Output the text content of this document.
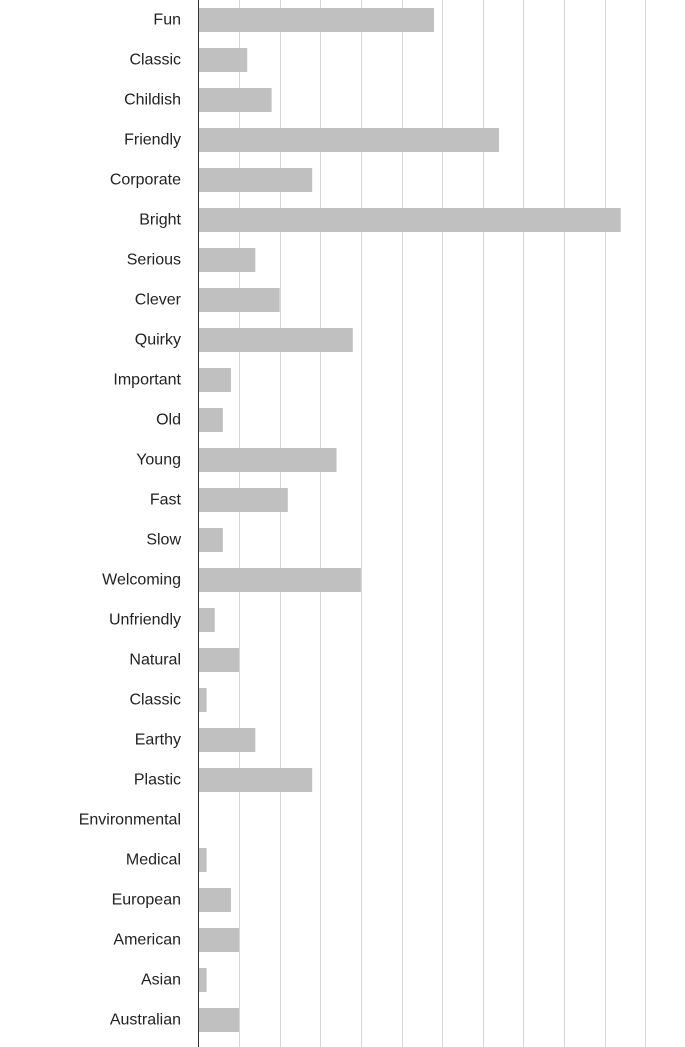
Fun
Classic
Childish
Friendly
Corporate
Bright
Serious
Clever
Quirky
Important
Old
Young
Fast
Slow
Welcoming
Unfriendly
Natural
Classic
Earthy
Plastic
Environmental
Medical
European
American
Asian
Australian
